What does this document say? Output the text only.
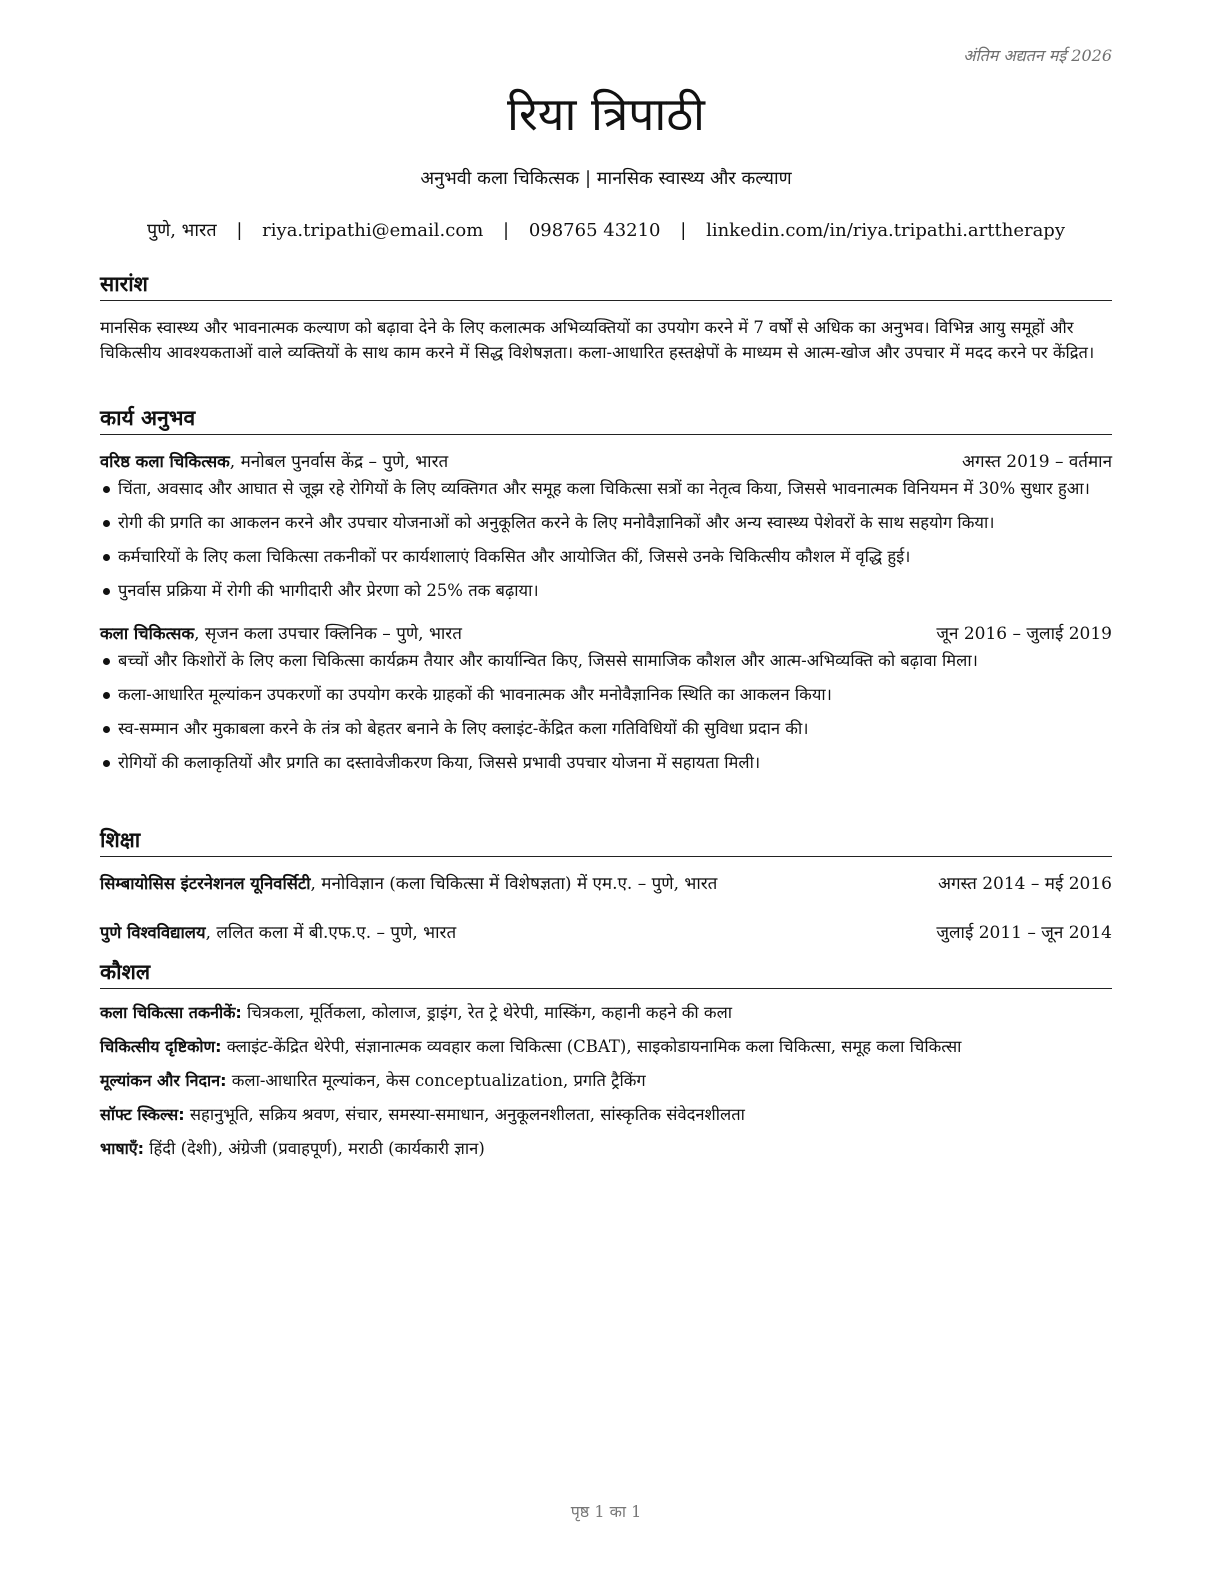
अंतिम अद्यतन मई 2026
रिया त्रिपाठी
अनुभवी कला चिकित्सक | मानसिक स्वास्थ्य और कल्याण
पुणे, भारत | riya.tripathi@email.com | 098765 43210 | linkedin.com/in/riya.tripathi.arttherapy
सारांश
मानसिक स्वास्थ्य और भावनात्मक कल्याण को बढ़ावा देने के लिए कलात्मक अभिव्यक्तियों का उपयोग करने में 7 वर्षों से अधिक का अनुभव। विभिन्न आयु समूहों और चिकित्सीय आवश्यकताओं वाले व्यक्तियों के साथ काम करने में सिद्ध विशेषज्ञता। कला-आधारित हस्तक्षेपों के माध्यम से आत्म-खोज और उपचार में मदद करने पर केंद्रित।
कार्य अनुभव
वरिष्ठ कला चिकित्सक, मनोबल पुनर्वास केंद्र – पुणे, भारत	अगस्त 2019 – वर्तमान
चिंता, अवसाद और आघात से जूझ रहे रोगियों के लिए व्यक्तिगत और समूह कला चिकित्सा सत्रों का नेतृत्व किया, जिससे भावनात्मक विनियमन में 30% सुधार हुआ।
रोगी की प्रगति का आकलन करने और उपचार योजनाओं को अनुकूलित करने के लिए मनोवैज्ञानिकों और अन्य स्वास्थ्य पेशेवरों के साथ सहयोग किया।
कर्मचारियों के लिए कला चिकित्सा तकनीकों पर कार्यशालाएं विकसित और आयोजित कीं, जिससे उनके चिकित्सीय कौशल में वृद्धि हुई।
पुनर्वास प्रक्रिया में रोगी की भागीदारी और प्रेरणा को 25% तक बढ़ाया।
कला चिकित्सक, सृजन कला उपचार क्लिनिक – पुणे, भारत	जून 2016 – जुलाई 2019
बच्चों और किशोरों के लिए कला चिकित्सा कार्यक्रम तैयार और कार्यान्वित किए, जिससे सामाजिक कौशल और आत्म-अभिव्यक्ति को बढ़ावा मिला।
कला-आधारित मूल्यांकन उपकरणों का उपयोग करके ग्राहकों की भावनात्मक और मनोवैज्ञानिक स्थिति का आकलन किया।
स्व-सम्मान और मुकाबला करने के तंत्र को बेहतर बनाने के लिए क्लाइंट-केंद्रित कला गतिविधियों की सुविधा प्रदान की।
रोगियों की कलाकृतियों और प्रगति का दस्तावेजीकरण किया, जिससे प्रभावी उपचार योजना में सहायता मिली।
शिक्षा
सिम्बायोसिस इंटरनेशनल यूनिवर्सिटी, मनोविज्ञान (कला चिकित्सा में विशेषज्ञता) में एम.ए. – पुणे, भारत	अगस्त 2014 – मई 2016
पुणे विश्वविद्यालय, ललित कला में बी.एफ.ए. – पुणे, भारत	जुलाई 2011 – जून 2014
कौशल
कला चिकित्सा तकनीकें: चित्रकला, मूर्तिकला, कोलाज, ड्राइंग, रेत ट्रे थेरेपी, मास्किंग, कहानी कहने की कला
चिकित्सीय दृष्टिकोण: क्लाइंट-केंद्रित थेरेपी, संज्ञानात्मक व्यवहार कला चिकित्सा (CBAT), साइकोडायनामिक कला चिकित्सा, समूह कला चिकित्सा
मूल्यांकन और निदान: कला-आधारित मूल्यांकन, केस conceptualization, प्रगति ट्रैकिंग
सॉफ्ट स्किल्स: सहानुभूति, सक्रिय श्रवण, संचार, समस्या-समाधान, अनुकूलनशीलता, सांस्कृतिक संवेदनशीलता
भाषाएँ: हिंदी (देशी), अंग्रेजी (प्रवाहपूर्ण), मराठी (कार्यकारी ज्ञान)
पृष्ठ 1 का 1
